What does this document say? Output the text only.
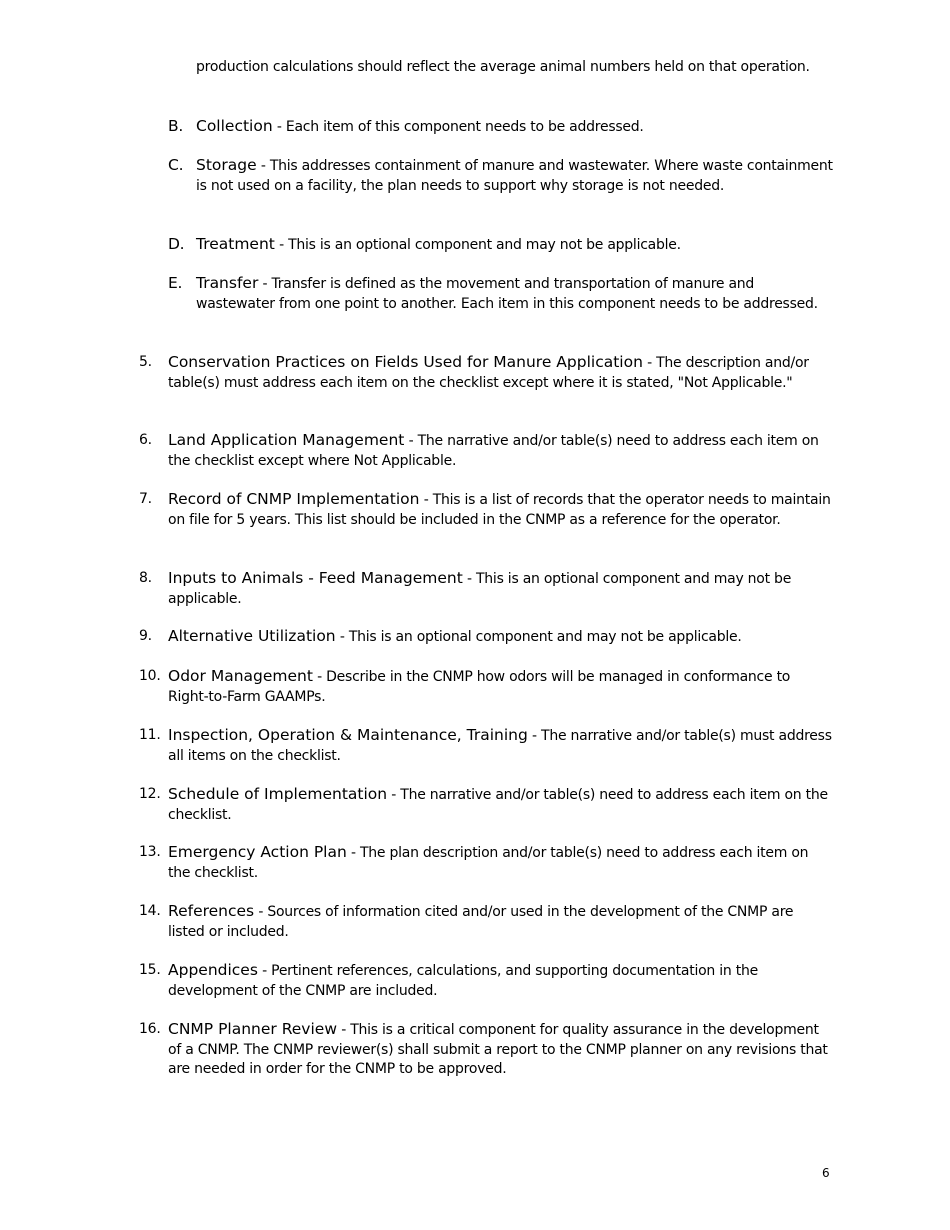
production calculations should reflect the average animal numbers held on that operation.

B. Collection - Each item of this component needs to be addressed.
C. Storage - This addresses containment of manure and wastewater. Where waste containment is not used on a facility, the plan needs to support why storage is not needed.
D. Treatment - This is an optional component and may not be applicable.
E. Transfer - Transfer is defined as the movement and transportation of manure and wastewater from one point to another. Each item in this component needs to be addressed.
5. Conservation Practices on Fields Used for Manure Application - The description and/or table(s) must address each item on the checklist except where it is stated, "Not Applicable."
6. Land Application Management - The narrative and/or table(s) need to address each item on the checklist except where Not Applicable.
7. Record of CNMP Implementation - This is a list of records that the operator needs to maintain on file for 5 years. This list should be included in the CNMP as a reference for the operator.
8. Inputs to Animals - Feed Management - This is an optional component and may not be applicable.
9. Alternative Utilization - This is an optional component and may not be applicable.
10. Odor Management - Describe in the CNMP how odors will be managed in conformance to Right-to-Farm GAAMPs.
11. Inspection, Operation & Maintenance, Training - The narrative and/or table(s) must address all items on the checklist.
12. Schedule of Implementation - The narrative and/or table(s) need to address each item on the checklist.
13. Emergency Action Plan - The plan description and/or table(s) need to address each item on the checklist.
14. References - Sources of information cited and/or used in the development of the CNMP are listed or included.
15. Appendices - Pertinent references, calculations, and supporting documentation in the development of the CNMP are included.
16. CNMP Planner Review - This is a critical component for quality assurance in the development of a CNMP. The CNMP reviewer(s) shall submit a report to the CNMP planner on any revisions that are needed in order for the CNMP to be approved.
6
